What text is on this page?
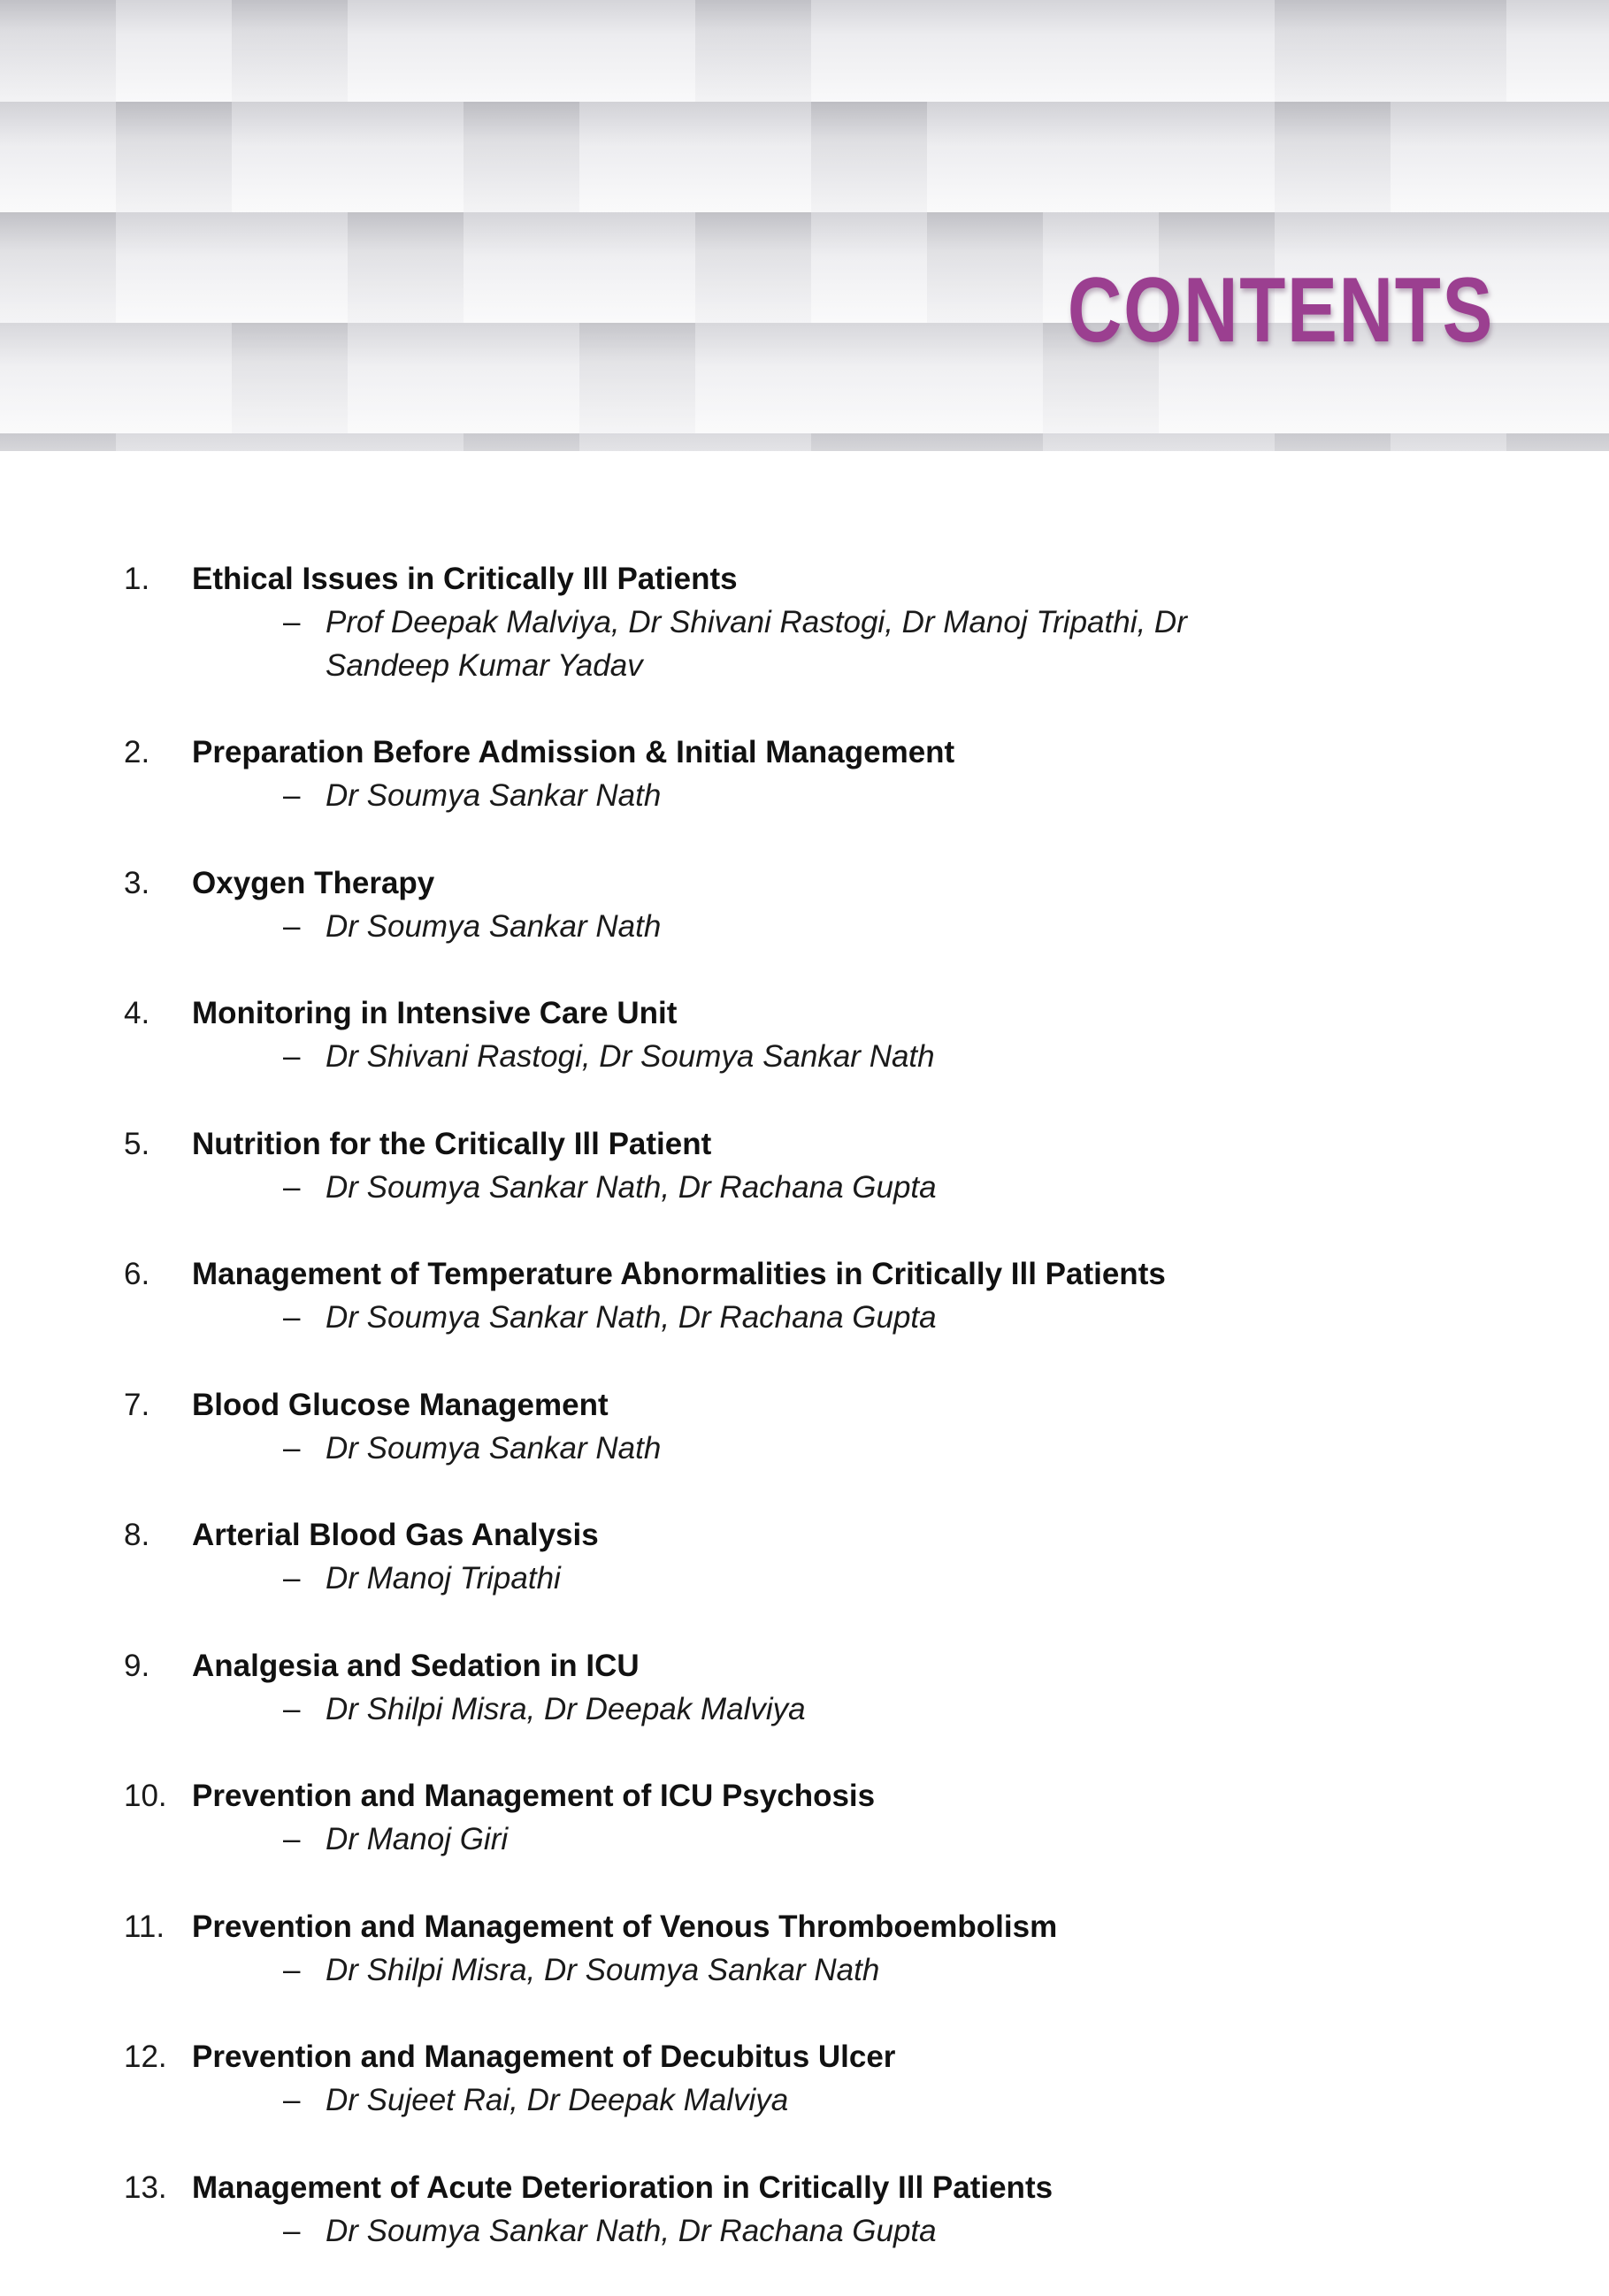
CONTENTS
1. Ethical Issues in Critically Ill Patients
– Prof Deepak Malviya, Dr Shivani Rastogi, Dr Manoj Tripathi, Dr Sandeep Kumar Yadav
2. Preparation Before Admission & Initial Management
– Dr Soumya Sankar Nath
3. Oxygen Therapy
– Dr Soumya Sankar Nath
4. Monitoring in Intensive Care Unit
– Dr Shivani Rastogi, Dr Soumya Sankar Nath
5. Nutrition for the Critically Ill Patient
– Dr Soumya Sankar Nath, Dr Rachana Gupta
6. Management of Temperature Abnormalities in Critically Ill Patients
– Dr Soumya Sankar Nath, Dr Rachana Gupta
7. Blood Glucose Management
– Dr Soumya Sankar Nath
8. Arterial Blood Gas Analysis
– Dr Manoj Tripathi
9. Analgesia and Sedation in ICU
– Dr Shilpi Misra, Dr Deepak Malviya
10. Prevention and Management of ICU Psychosis
– Dr Manoj Giri
11. Prevention and Management of Venous Thromboembolism
– Dr Shilpi Misra, Dr Soumya Sankar Nath
12. Prevention and Management of Decubitus Ulcer
– Dr Sujeet Rai, Dr Deepak Malviya
13. Management of Acute Deterioration in Critically Ill Patients
– Dr Soumya Sankar Nath, Dr Rachana Gupta
